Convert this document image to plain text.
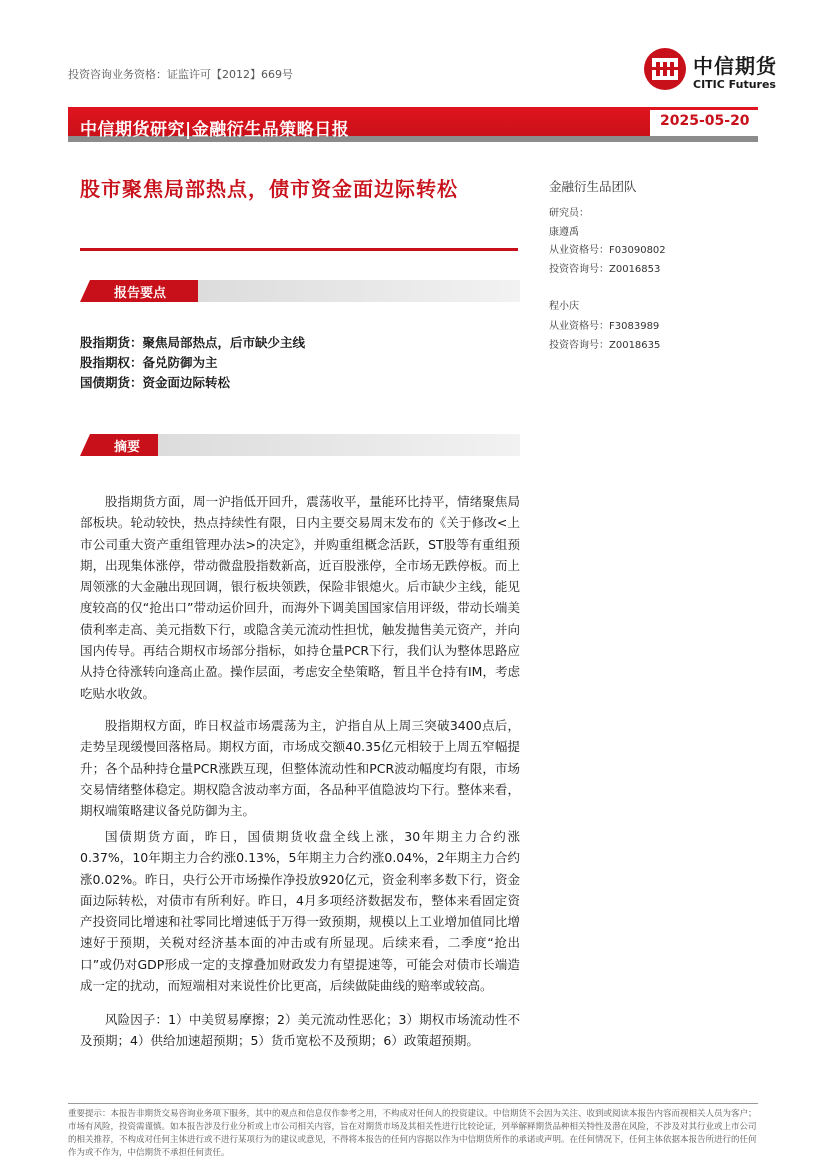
投资咨询业务资格：证监许可【2012】669号	中信期货
CITIC Futures
中信期货研究|金融衍生品策略日报	2025-05-20
股市聚焦局部热点，债市资金面边际转松
报告要点
股指期货：聚焦局部热点，后市缺少主线
股指期权：备兑防御为主
国债期货：资金面边际转松
摘要
股指期货方面，周一沪指低开回升，震荡收平，量能环比持平，情绪聚焦局部板块。轮动较快，热点持续性有限，日内主要交易周末发布的《关于修改<上市公司重大资产重组管理办法>的决定》，并购重组概念活跃，ST股等有重组预期，出现集体涨停，带动微盘股指数新高，近百股涨停，全市场无跌停板。而上周领涨的大金融出现回调，银行板块领跌，保险非银熄火。后市缺少主线，能见度较高的仅“抢出口”带动运价回升，而海外下调美国国家信用评级，带动长端美债利率走高、美元指数下行，或隐含美元流动性担忧，触发抛售美元资产，并向国内传导。再结合期权市场部分指标，如持仓量PCR下行，我们认为整体思路应从持仓待涨转向逢高止盈。操作层面，考虑安全垫策略，暂且半仓持有IM，考虑吃贴水收敛。
股指期权方面，昨日权益市场震荡为主，沪指自从上周三突破3400点后，走势呈现缓慢回落格局。期权方面，市场成交额40.35亿元相较于上周五窄幅提升；各个品种持仓量PCR涨跌互现，但整体流动性和PCR波动幅度均有限，市场交易情绪整体稳定。期权隐含波动率方面，各品种平值隐波均下行。整体来看，期权端策略建议备兑防御为主。
国债期货方面，昨日，国债期货收盘全线上涨，30年期主力合约涨0.37%，10年期主力合约涨0.13%，5年期主力合约涨0.04%，2年期主力合约涨0.02%。昨日，央行公开市场操作净投放920亿元，资金利率多数下行，资金面边际转松，对债市有所利好。昨日，4月多项经济数据发布，整体来看固定资产投资同比增速和社零同比增速低于万得一致预期，规模以上工业增加值同比增速好于预期，关税对经济基本面的冲击或有所显现。后续来看，二季度“抢出口”或仍对GDP形成一定的支撑叠加财政发力有望提速等，可能会对债市长端造成一定的扰动，而短端相对来说性价比更高，后续做陡曲线的赔率或较高。
风险因子：1）中美贸易摩擦；2）美元流动性恶化；3）期权市场流动性不及预期；4）供给加速超预期；5）货币宽松不及预期；6）政策超预期。
金融衍生品团队
研究员：
康遵禹
从业资格号：F03090802
投资咨询号：Z0016853
程小庆
从业资格号：F3083989
投资咨询号：Z0018635
重要提示：本报告非期货交易咨询业务项下服务，其中的观点和信息仅作参考之用，不构成对任何人的投资建议。中信期货不会因为关注、收到或阅读本报告内容而视相关人员为客户；市场有风险，投资需谨慎。如本报告涉及行业分析或上市公司相关内容，旨在对期货市场及其相关性进行比较论证，列举解释期货品种相关特性及潜在风险，不涉及对其行业或上市公司的相关推荐，不构成对任何主体进行或不进行某项行为的建议或意见，不得将本报告的任何内容据以作为中信期货所作的承诺或声明。在任何情况下，任何主体依据本报告所进行的任何作为或不作为，中信期货不承担任何责任。
